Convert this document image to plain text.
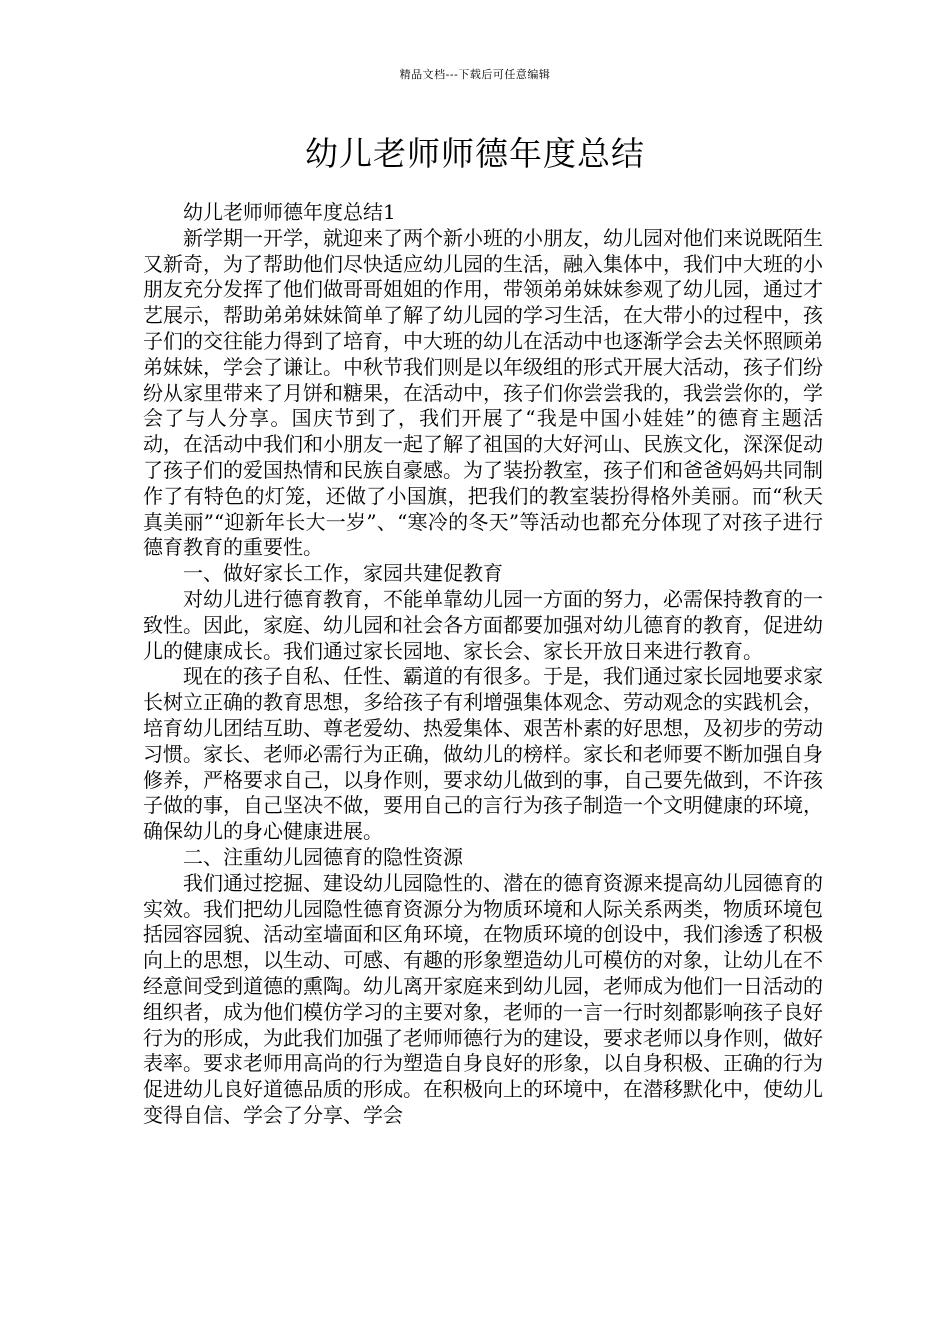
精品文档---下载后可任意编辑
幼儿老师师德年度总结

幼儿老师师德年度总结1

新学期一开学，就迎来了两个新小班的小朋友，幼儿园对他们来说既陌生又新奇，为了帮助他们尽快适应幼儿园的生活，融入集体中，我们中大班的小朋友充分发挥了他们做哥哥姐姐的作用，带领弟弟妹妹参观了幼儿园，通过才艺展示，帮助弟弟妹妹简单了解了幼儿园的学习生活，在大带小的过程中，孩子们的交往能力得到了培育，中大班的幼儿在活动中也逐渐学会去关怀照顾弟弟妹妹，学会了谦让。中秋节我们则是以年级组的形式开展大活动，孩子们纷纷从家里带来了月饼和糖果，在活动中，孩子们你尝尝我的，我尝尝你的，学会了与人分享。国庆节到了，我们开展了“我是中国小娃娃”的德育主题活动，在活动中我们和小朋友一起了解了祖国的大好河山、民族文化，深深促动了孩子们的爱国热情和民族自豪感。为了装扮教室，孩子们和爸爸妈妈共同制作了有特色的灯笼，还做了小国旗，把我们的教室装扮得格外美丽。而“秋天真美丽”“迎新年长大一岁”、“寒冷的冬天”等活动也都充分体现了对孩子进行德育教育的重要性。

一、做好家长工作，家园共建促教育

对幼儿进行德育教育，不能单靠幼儿园一方面的努力，必需保持教育的一致性。因此，家庭、幼儿园和社会各方面都要加强对幼儿德育的教育，促进幼儿的健康成长。我们通过家长园地、家长会、家长开放日来进行教育。

现在的孩子自私、任性、霸道的有很多。于是，我们通过家长园地要求家长树立正确的教育思想，多给孩子有利增强集体观念、劳动观念的实践机会，培育幼儿团结互助、尊老爱幼、热爱集体、艰苦朴素的好思想，及初步的劳动习惯。家长、老师必需行为正确，做幼儿的榜样。家长和老师要不断加强自身修养，严格要求自己，以身作则，要求幼儿做到的事，自己要先做到，不许孩子做的事，自己坚决不做，要用自己的言行为孩子制造一个文明健康的环境，确保幼儿的身心健康进展。

二、注重幼儿园德育的隐性资源

我们通过挖掘、建设幼儿园隐性的、潜在的德育资源来提高幼儿园德育的实效。我们把幼儿园隐性德育资源分为物质环境和人际关系两类，物质环境包括园容园貌、活动室墙面和区角环境，在物质环境的创设中，我们渗透了积极向上的思想，以生动、可感、有趣的形象塑造幼儿可模仿的对象，让幼儿在不经意间受到道德的熏陶。幼儿离开家庭来到幼儿园，老师成为他们一日活动的组织者，成为他们模仿学习的主要对象，老师的一言一行时刻都影响孩子良好行为的形成，为此我们加强了老师师德行为的建设，要求老师以身作则，做好表率。要求老师用高尚的行为塑造自身良好的形象，以自身积极、正确的行为促进幼儿良好道德品质的形成。在积极向上的环境中，在潜移默化中，使幼儿变得自信、学会了分享、学会
